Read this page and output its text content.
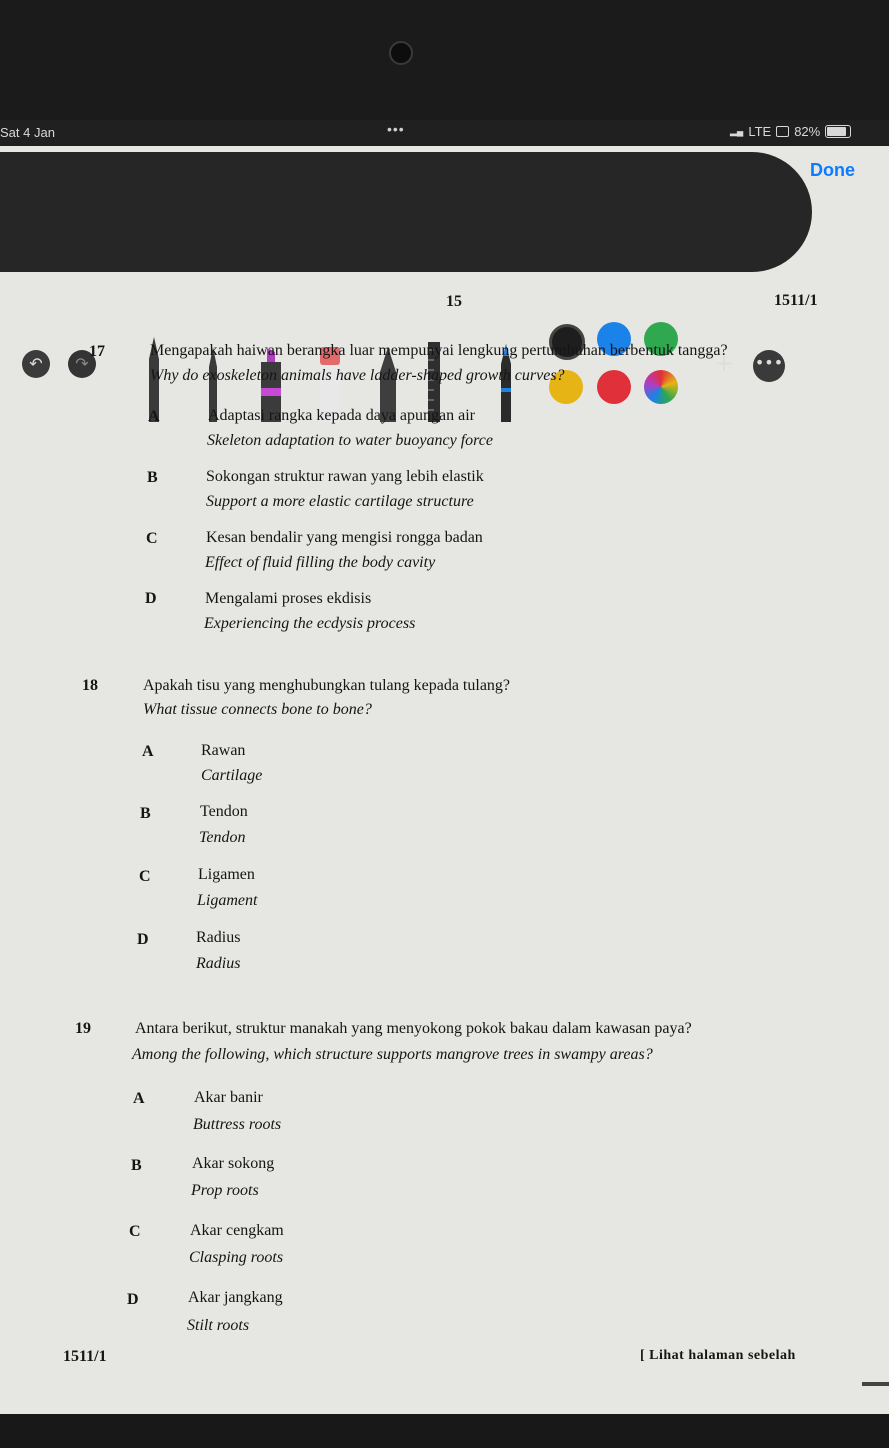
Sat 4 Jan	•••	▂▄ LTE 82%
↶	↷	+ •••
Done
15	1511/1
17	Mengapakah haiwan berangka luar mempunyai lengkung pertumbuhan berbentuk tangga?
Why do exoskeleton animals have ladder-shaped growth curves?
A	Adaptasi rangka kepada daya apungan air
Skeleton adaptation to water buoyancy force
B	Sokongan struktur rawan yang lebih elastik
Support a more elastic cartilage structure
C	Kesan bendalir yang mengisi rongga badan
Effect of fluid filling the body cavity
D	Mengalami proses ekdisis
Experiencing the ecdysis process
18	Apakah tisu yang menghubungkan tulang kepada tulang?
What tissue connects bone to bone?
A	Rawan
Cartilage
B	Tendon
Tendon
C	Ligamen
Ligament
D	Radius
Radius
19	Antara berikut, struktur manakah yang menyokong pokok bakau dalam kawasan paya?
Among the following, which structure supports mangrove trees in swampy areas?
A	Akar banir
Buttress roots
B	Akar sokong
Prop roots
C	Akar cengkam
Clasping roots
D	Akar jangkang
Stilt roots
1511/1	[ Lihat halaman sebelah
